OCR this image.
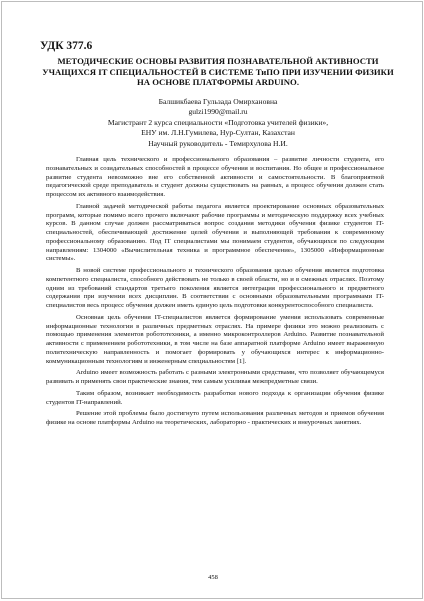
УДК 377.6
МЕТОДИЧЕСКИЕ ОСНОВЫ РАЗВИТИЯ ПОЗНАВАТЕЛЬНОЙ АКТИВНОСТИ УЧАЩИХСЯ IT СПЕЦИАЛЬНОСТЕЙ В СИСТЕМЕ ТиПО ПРИ ИЗУЧЕНИИ ФИЗИКИ НА ОСНОВЕ ПЛАТФОРМЫ ARDUINO.
Балшикбаева Гульзада Омирхановна
gulzi1990@mail.ru
Магистрант 2 курса специальности «Подготовка учителей физики»,
ЕНУ им. Л.Н.Гумилева, Нур-Султан, Казахстан
Научный руководитель - Темирхулова Н.И.

Главная цель технического и профессионального образования – развитие личности студента, его познавательных и созидательных способностей в процессе обучения и воспитания. Но общее и профессиональное развитие студента невозможно вне его собственной активности и самостоятельности. В благоприятной педагогической среде преподаватель и студент должны существовать на равных, а процесс обучения должен стать процессом их активного взаимодействия.

Главной задачей методической работы педагога является проектирование основных образовательных программ, которые помимо всего прочего включают рабочие программы и методическую поддержку всех учебных курсов. В данном случае должен рассматриваться вопрос создания методики обучения физике студентов IT-специальностей, обеспечивающей достижение целей обучения и выполняющей требования к современному профессиональному образованию. Под IT специалистами мы понимаем студентов, обучающихся по следующим направлениям: 1304000 «Вычислительная техника и программное обеспечение», 1305000 «Информационные системы».

В новой системе профессионального и технического образования целью обучения является подготовка компетентного специалиста, способного действовать не только в своей области, но и в смежных отраслях. Поэтому одним из требований стандартов третьего поколения является интеграция профессионального и предметного содержания при изучении всех дисциплин. В соответствии с основными образовательными программами IT-специалистов весь процесс обучения должен иметь единую цель подготовки конкурентоспособного специалиста.

Основная цель обучения IT-специалистов является формирование умения использовать современные информационные технологии в различных предметных отраслях. На примере физики это можно реализовать с помощью применения элементов робототехники, а именно микроконтроллеров Arduino. Развитие познавательной активности с применением робототехники, в том числе на базе аппаратной платформе Arduino имеет выраженную политехническую направленность и помогает формировать у обучающихся интерес к информационно-коммуникационным технологиям и инженерным специальностям [1].

Arduino имеет возможность работать с разными электронными средствами, что позволяет обучающемуся развивать и применять свои практические знания, тем самым усиливая межпредметные связи.

Таким образом, возникает необходимость разработки нового подхода к организации обучения физике студентов IT-направлений.

Решение этой проблемы было достигнуто путем использования различных методов и приемов обучения физике на основе платформы Arduino на теоретических, лабораторно - практических и внеурочных занятиях.

458
